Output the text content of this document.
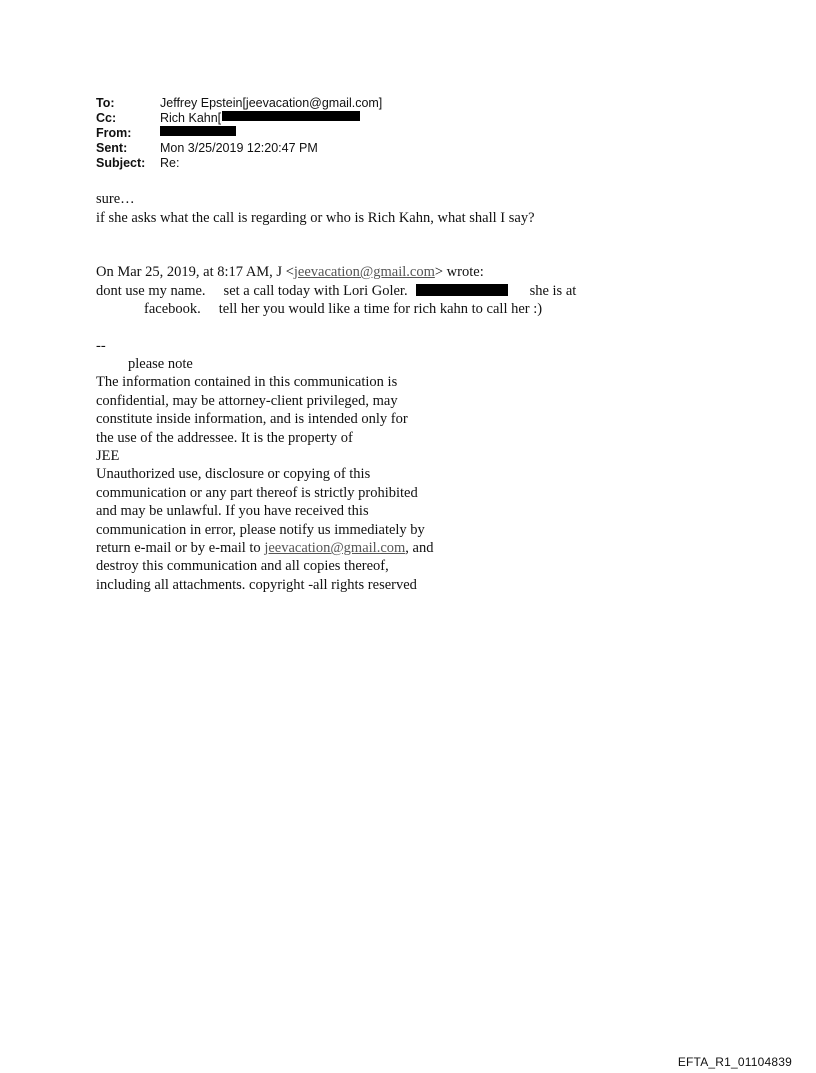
To:	Jeffrey Epstein[jeevacation@gmail.com]
Cc:	Rich Kahn[
From:
Sent:	Mon 3/25/2019 12:20:47 PM
Subject:	Re:

sure…

if she asks what the call is regarding or who is Rich Kahn, what shall I say?

On Mar 25, 2019, at 8:17 AM, J <jeevacation@gmail.com> wrote:

dont use my name. set a call today with Lori Goler.	she is at
facebook. tell her you would like a time for rich kahn to call her :)

--

please note

The information contained in this communication is

confidential, may be attorney-client privileged, may

constitute inside information, and is intended only for

the use of the addressee. It is the property of

JEE

Unauthorized use, disclosure or copying of this

communication or any part thereof is strictly prohibited

and may be unlawful. If you have received this

communication in error, please notify us immediately by

return e-mail or by e-mail to jeevacation@gmail.com, and

destroy this communication and all copies thereof,

including all attachments. copyright -all rights reserved

EFTA_R1_01104839
